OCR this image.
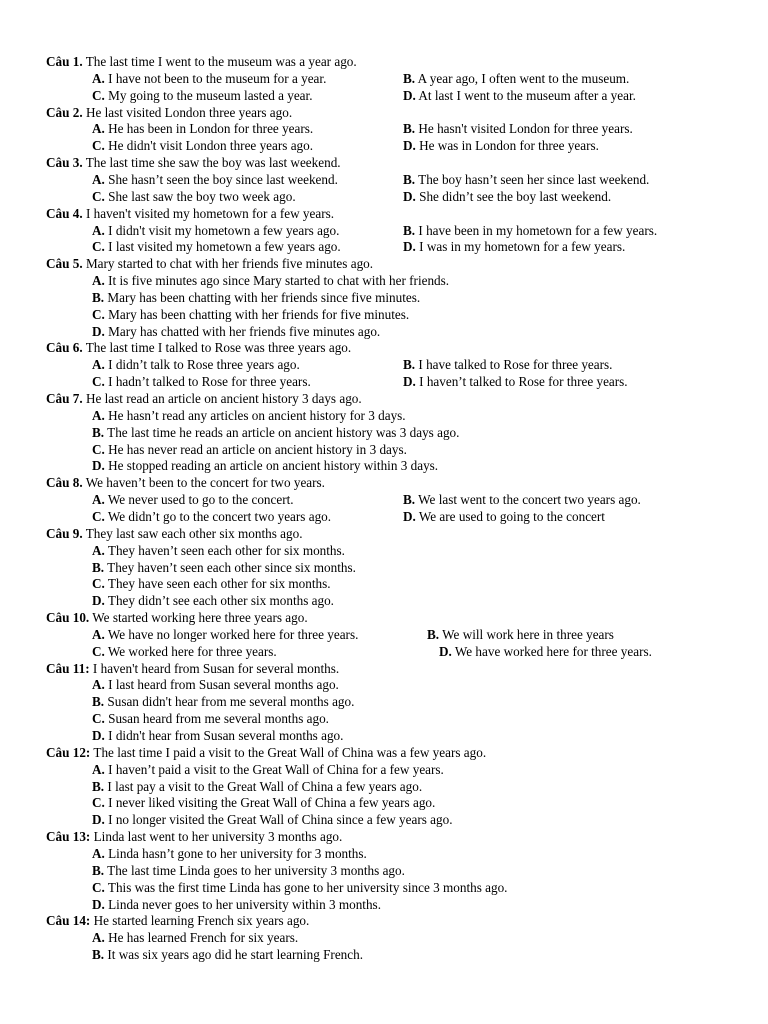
Câu 1. The last time I went to the museum was a year ago.
A. I have not been to the museum for a year.	B. A year ago, I often went to the museum.
C. My going to the museum lasted a year.	D. At last I went to the museum after a year.
Câu 2. He last visited London three years ago.
A. He has been in London for three years.	B. He hasn't visited London for three years.
C. He didn't visit London three years ago.	D. He was in London for three years.
Câu 3. The last time she saw the boy was last weekend.
A. She hasn’t seen the boy since last weekend.	B. The boy hasn’t seen her since last weekend.
C. She last saw the boy two week ago.	D. She didn’t see the boy last weekend.
Câu 4. I haven't visited my hometown for a few years.
A. I didn't visit my hometown a few years ago.	B. I have been in my hometown for a few years.
C. I last visited my hometown a few years ago.	D. I was in my hometown for a few years.
Câu 5. Mary started to chat with her friends five minutes ago.
A. It is five minutes ago since Mary started to chat with her friends.
B. Mary has been chatting with her friends since five minutes.
C. Mary has been chatting with her friends for five minutes.
D. Mary has chatted with her friends five minutes ago.
Câu 6. The last time I talked to Rose was three years ago.
A. I didn’t talk to Rose three years ago.	B. I have talked to Rose for three years.
C. I hadn’t talked to Rose for three years.	D. I haven’t talked to Rose for three years.
Câu 7. He last read an article on ancient history 3 days ago.
A. He hasn’t read any articles on ancient history for 3 days.
B. The last time he reads an article on ancient history was 3 days ago.
C. He has never read an article on ancient history in 3 days.
D. He stopped reading an article on ancient history within 3 days.
Câu 8. We haven’t been to the concert for two years.
A. We never used to go to the concert.	B. We last went to the concert two years ago.
C. We didn’t go to the concert two years ago.	D. We are used to going to the concert
Câu 9. They last saw each other six months ago.
A. They haven’t seen each other for six months.
B. They haven’t seen each other since six months.
C. They have seen each other for six months.
D. They didn’t see each other six months ago.
Câu 10. We started working here three years ago.
A. We have no longer worked here for three years.	B. We will work here in three years
C. We worked here for three years.	D. We have worked here for three years.
Câu 11: I haven't heard from Susan for several months.
A. I last heard from Susan several months ago.
B. Susan didn't hear from me several months ago.
C. Susan heard from me several months ago.
D. I didn't hear from Susan several months ago.
Câu 12: The last time I paid a visit to the Great Wall of China was a few years ago.
A. I haven’t paid a visit to the Great Wall of China for a few years.
B. I last pay a visit to the Great Wall of China a few years ago.
C. I never liked visiting the Great Wall of China a few years ago.
D. I no longer visited the Great Wall of China since a few years ago.
Câu 13: Linda last went to her university 3 months ago.
A. Linda hasn’t gone to her university for 3 months.
B. The last time Linda goes to her university 3 months ago.
C. This was the first time Linda has gone to her university since 3 months ago.
D. Linda never goes to her university within 3 months.
Câu 14: He started learning French six years ago.
A. He has learned French for six years.
B. It was six years ago did he start learning French.
